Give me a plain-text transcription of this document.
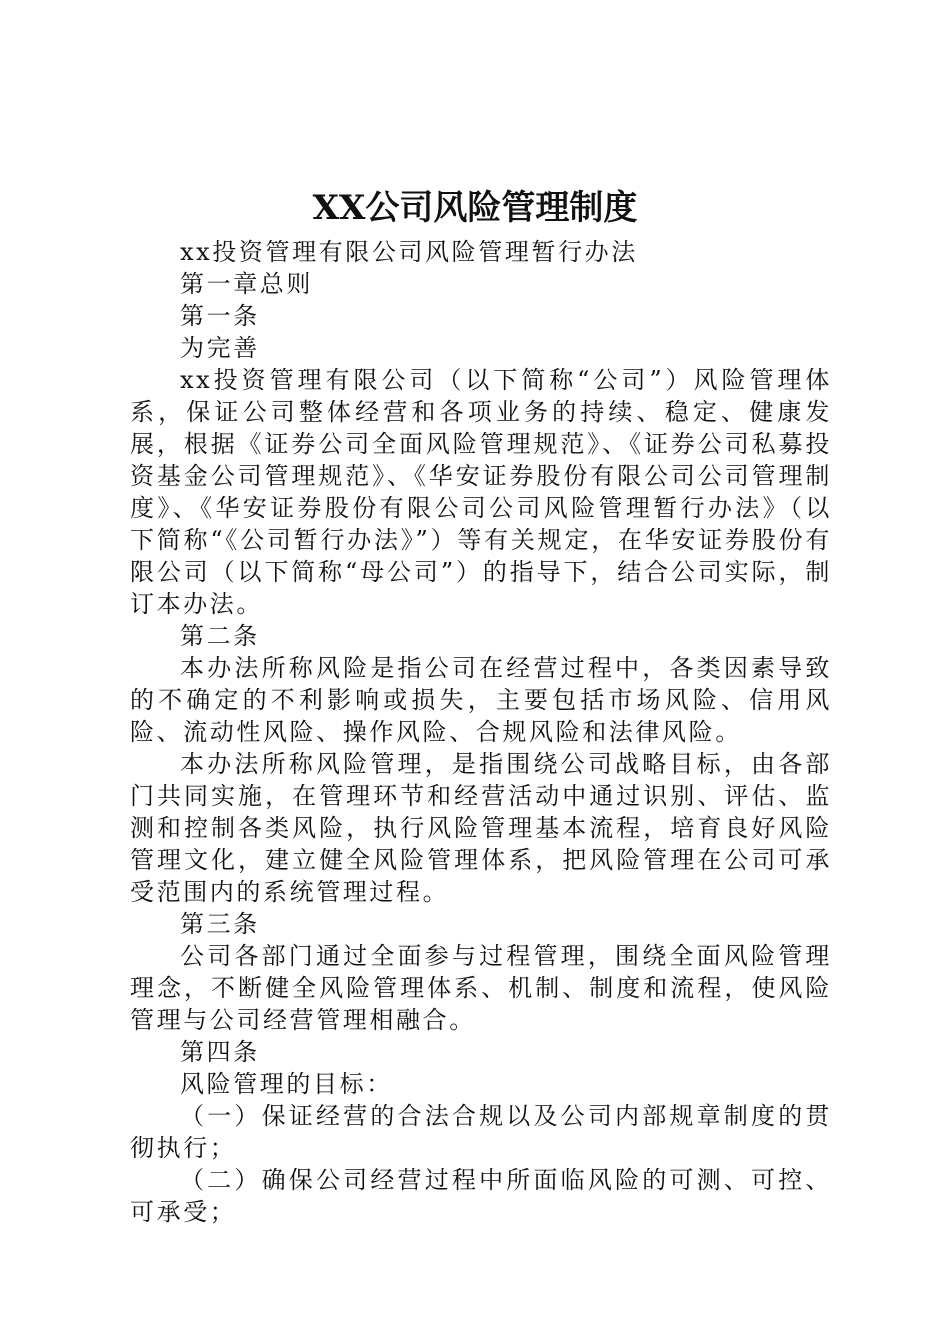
XX公司风险管理制度

xx投资管理有限公司风险管理暂行办法

第一章总则

第一条

为完善

xx投资管理有限公司（以下简称“公司”）风险管理体系，保证公司整体经营和各项业务的持续、稳定、健康发展，根据《证券公司全面风险管理规范》、《证券公司私募投资基金公司管理规范》、《华安证券股份有限公司公司管理制度》、《华安证券股份有限公司公司风险管理暂行办法》（以下简称“《公司暂行办法》”）等有关规定，在华安证券股份有限公司（以下简称“母公司”）的指导下，结合公司实际，制订本办法。

第二条

本办法所称风险是指公司在经营过程中，各类因素导致的不确定的不利影响或损失，主要包括市场风险、信用风险、流动性风险、操作风险、合规风险和法律风险。

本办法所称风险管理，是指围绕公司战略目标，由各部门共同实施，在管理环节和经营活动中通过识别、评估、监测和控制各类风险，执行风险管理基本流程，培育良好风险管理文化，建立健全风险管理体系，把风险管理在公司可承受范围内的系统管理过程。

第三条

公司各部门通过全面参与过程管理，围绕全面风险管理理念，不断健全风险管理体系、机制、制度和流程，使风险管理与公司经营管理相融合。

第四条

风险管理的目标：

（一）保证经营的合法合规以及公司内部规章制度的贯彻执行；

（二）确保公司经营过程中所面临风险的可测、可控、可承受；
